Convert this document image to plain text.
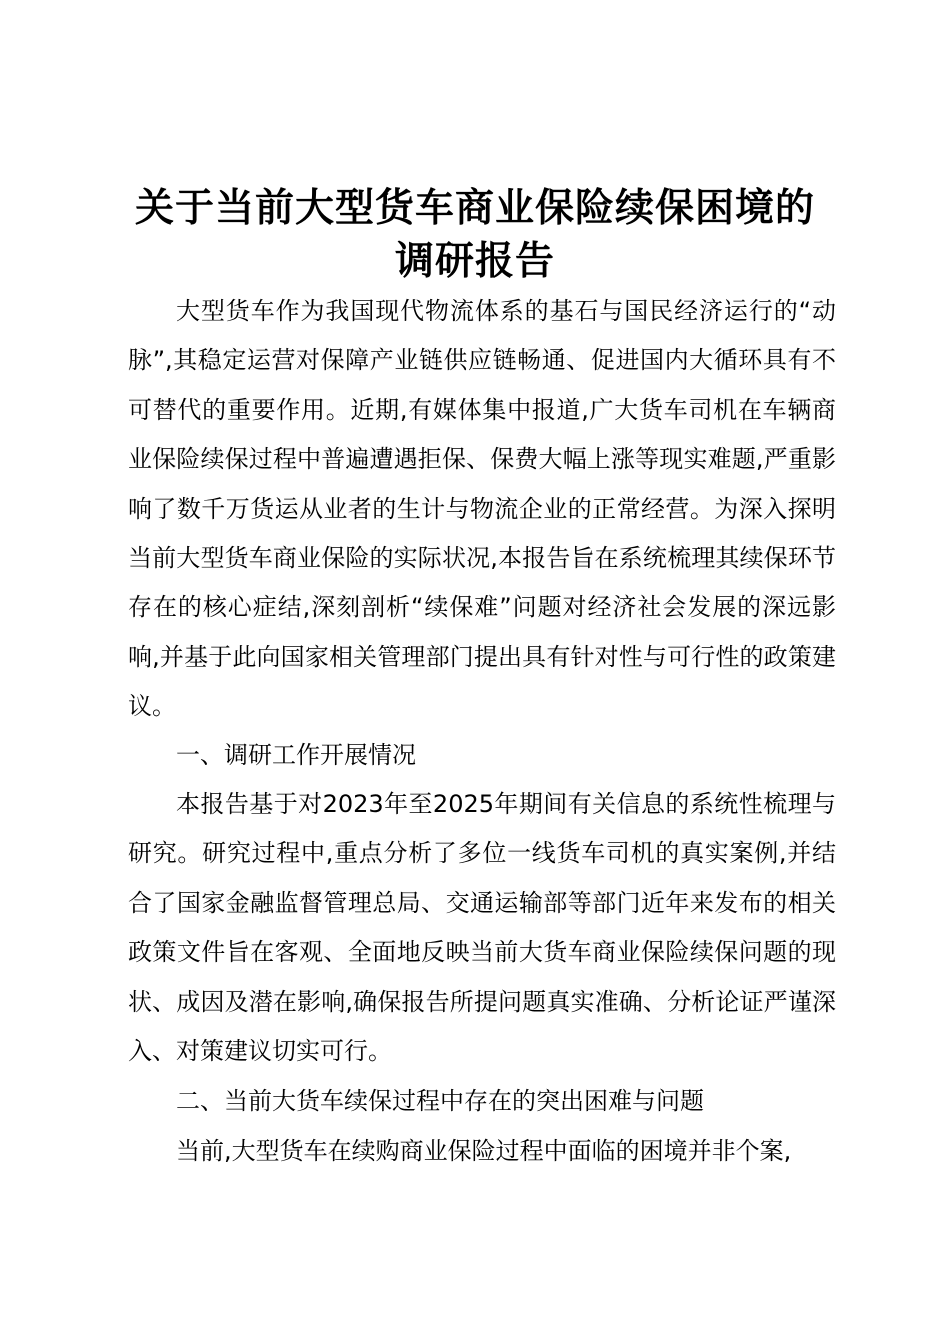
关于当前大型货车商业保险续保困境的
调研报告

大型货车作为我国现代物流体系的基石与国民经济运行的“动脉”,其稳定运营对保障产业链供应链畅通、促进国内大循环具有不可替代的重要作用。近期,有媒体集中报道,广大货车司机在车辆商业保险续保过程中普遍遭遇拒保、保费大幅上涨等现实难题,严重影响了数千万货运从业者的生计与物流企业的正常经营。为深入探明当前大型货车商业保险的实际状况,本报告旨在系统梳理其续保环节存在的核心症结,深刻剖析“续保难”问题对经济社会发展的深远影响,并基于此向国家相关管理部门提出具有针对性与可行性的政策建议。

一、调研工作开展情况

本报告基于对2023年至2025年期间有关信息的系统性梳理与研究。研究过程中,重点分析了多位一线货车司机的真实案例,并结合了国家金融监督管理总局、交通运输部等部门近年来发布的相关政策文件旨在客观、全面地反映当前大货车商业保险续保问题的现状、成因及潜在影响,确保报告所提问题真实准确、分析论证严谨深入、对策建议切实可行。

二、当前大货车续保过程中存在的突出困难与问题

当前,大型货车在续购商业保险过程中面临的困境并非个案,
